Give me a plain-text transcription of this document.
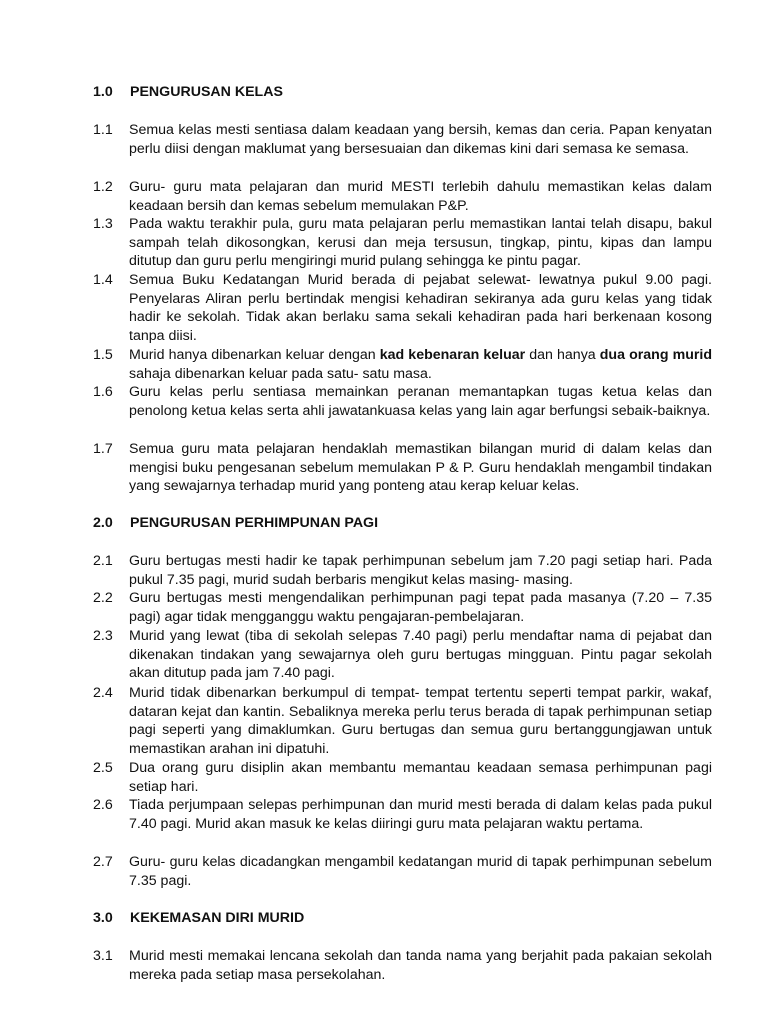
1.0 PENGURUSAN KELAS
1.1 Semua kelas mesti sentiasa dalam keadaan yang bersih, kemas dan ceria. Papan kenyatan perlu diisi dengan maklumat yang bersesuaian dan dikemas kini dari semasa ke semasa.
1.2 Guru- guru mata pelajaran dan murid MESTI terlebih dahulu memastikan kelas dalam keadaan bersih dan kemas sebelum memulakan P&P.
1.3 Pada waktu terakhir pula, guru mata pelajaran perlu memastikan lantai telah disapu, bakul sampah telah dikosongkan, kerusi dan meja tersusun, tingkap, pintu, kipas dan lampu ditutup dan guru perlu mengiringi murid pulang sehingga ke pintu pagar.
1.4 Semua Buku Kedatangan Murid berada di pejabat selewat- lewatnya pukul 9.00 pagi. Penyelaras Aliran perlu bertindak mengisi kehadiran sekiranya ada guru kelas yang tidak hadir ke sekolah. Tidak akan berlaku sama sekali kehadiran pada hari berkenaan kosong tanpa diisi.
1.5 Murid hanya dibenarkan keluar dengan kad kebenaran keluar dan hanya dua orang murid sahaja dibenarkan keluar pada satu- satu masa.
1.6 Guru kelas perlu sentiasa memainkan peranan memantapkan tugas ketua kelas dan penolong ketua kelas serta ahli jawatankuasa kelas yang lain agar berfungsi sebaik-baiknya.
1.7 Semua guru mata pelajaran hendaklah memastikan bilangan murid di dalam kelas dan mengisi buku pengesanan sebelum memulakan P & P. Guru hendaklah mengambil tindakan yang sewajarnya terhadap murid yang ponteng atau kerap keluar kelas.
2.0 PENGURUSAN PERHIMPUNAN PAGI
2.1 Guru bertugas mesti hadir ke tapak perhimpunan sebelum jam 7.20 pagi setiap hari. Pada pukul 7.35 pagi, murid sudah berbaris mengikut kelas masing- masing.
2.2 Guru bertugas mesti mengendalikan perhimpunan pagi tepat pada masanya (7.20 – 7.35 pagi) agar tidak mengganggu waktu pengajaran-pembelajaran.
2.3 Murid yang lewat (tiba di sekolah selepas 7.40 pagi) perlu mendaftar nama di pejabat dan dikenakan tindakan yang sewajarnya oleh guru bertugas mingguan. Pintu pagar sekolah akan ditutup pada jam 7.40 pagi.
2.4 Murid tidak dibenarkan berkumpul di tempat- tempat tertentu seperti tempat parkir, wakaf, dataran kejat dan kantin. Sebaliknya mereka perlu terus berada di tapak perhimpunan setiap pagi seperti yang dimaklumkan. Guru bertugas dan semua guru bertanggungjawan untuk memastikan arahan ini dipatuhi.
2.5 Dua orang guru disiplin akan membantu memantau keadaan semasa perhimpunan pagi setiap hari.
2.6 Tiada perjumpaan selepas perhimpunan dan murid mesti berada di dalam kelas pada pukul 7.40 pagi. Murid akan masuk ke kelas diiringi guru mata pelajaran waktu pertama.
2.7 Guru- guru kelas dicadangkan mengambil kedatangan murid di tapak perhimpunan sebelum 7.35 pagi.
3.0 KEKEMASAN DIRI MURID
3.1 Murid mesti memakai lencana sekolah dan tanda nama yang berjahit pada pakaian sekolah mereka pada setiap masa persekolahan.
